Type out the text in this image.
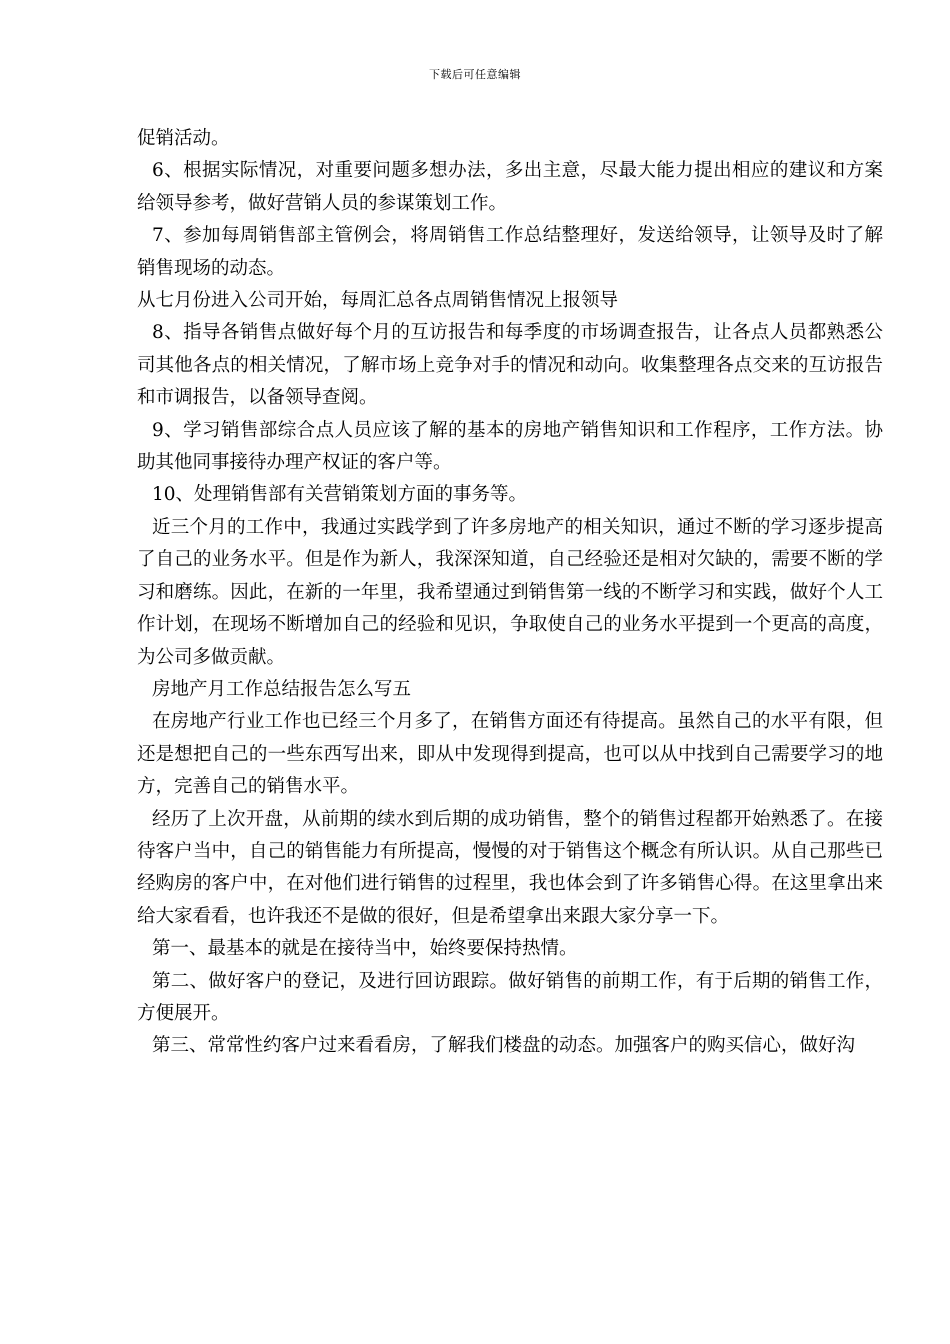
下载后可任意编辑

促销活动。

6、根据实际情况，对重要问题多想办法，多出主意，尽最大能力提出相应的建议和方案给领导参考，做好营销人员的参谋策划工作。

7、参加每周销售部主管例会，将周销售工作总结整理好，发送给领导，让领导及时了解销售现场的动态。

从七月份进入公司开始，每周汇总各点周销售情况上报领导

8、指导各销售点做好每个月的互访报告和每季度的市场调查报告，让各点人员都熟悉公司其他各点的相关情况，了解市场上竞争对手的情况和动向。收集整理各点交来的互访报告和市调报告，以备领导查阅。

9、学习销售部综合点人员应该了解的基本的房地产销售知识和工作程序，工作方法。协助其他同事接待办理产权证的客户等。

10、处理销售部有关营销策划方面的事务等。

近三个月的工作中，我通过实践学到了许多房地产的相关知识，通过不断的学习逐步提高了自己的业务水平。但是作为新人，我深深知道，自己经验还是相对欠缺的，需要不断的学习和磨练。因此，在新的一年里，我希望通过到销售第一线的不断学习和实践，做好个人工作计划，在现场不断增加自己的经验和见识，争取使自己的业务水平提到一个更高的高度，为公司多做贡献。

房地产月工作总结报告怎么写五

在房地产行业工作也已经三个月多了，在销售方面还有待提高。虽然自己的水平有限，但还是想把自己的一些东西写出来，即从中发现得到提高，也可以从中找到自己需要学习的地方，完善自己的销售水平。

经历了上次开盘，从前期的续水到后期的成功销售，整个的销售过程都开始熟悉了。在接待客户当中，自己的销售能力有所提高，慢慢的对于销售这个概念有所认识。从自己那些已经购房的客户中，在对他们进行销售的过程里，我也体会到了许多销售心得。在这里拿出来给大家看看，也许我还不是做的很好，但是希望拿出来跟大家分享一下。

第一、最基本的就是在接待当中，始终要保持热情。

第二、做好客户的登记，及进行回访跟踪。做好销售的前期工作，有于后期的销售工作，方便展开。

第三、常常性约客户过来看看房，了解我们楼盘的动态。加强客户的购买信心，做好沟
